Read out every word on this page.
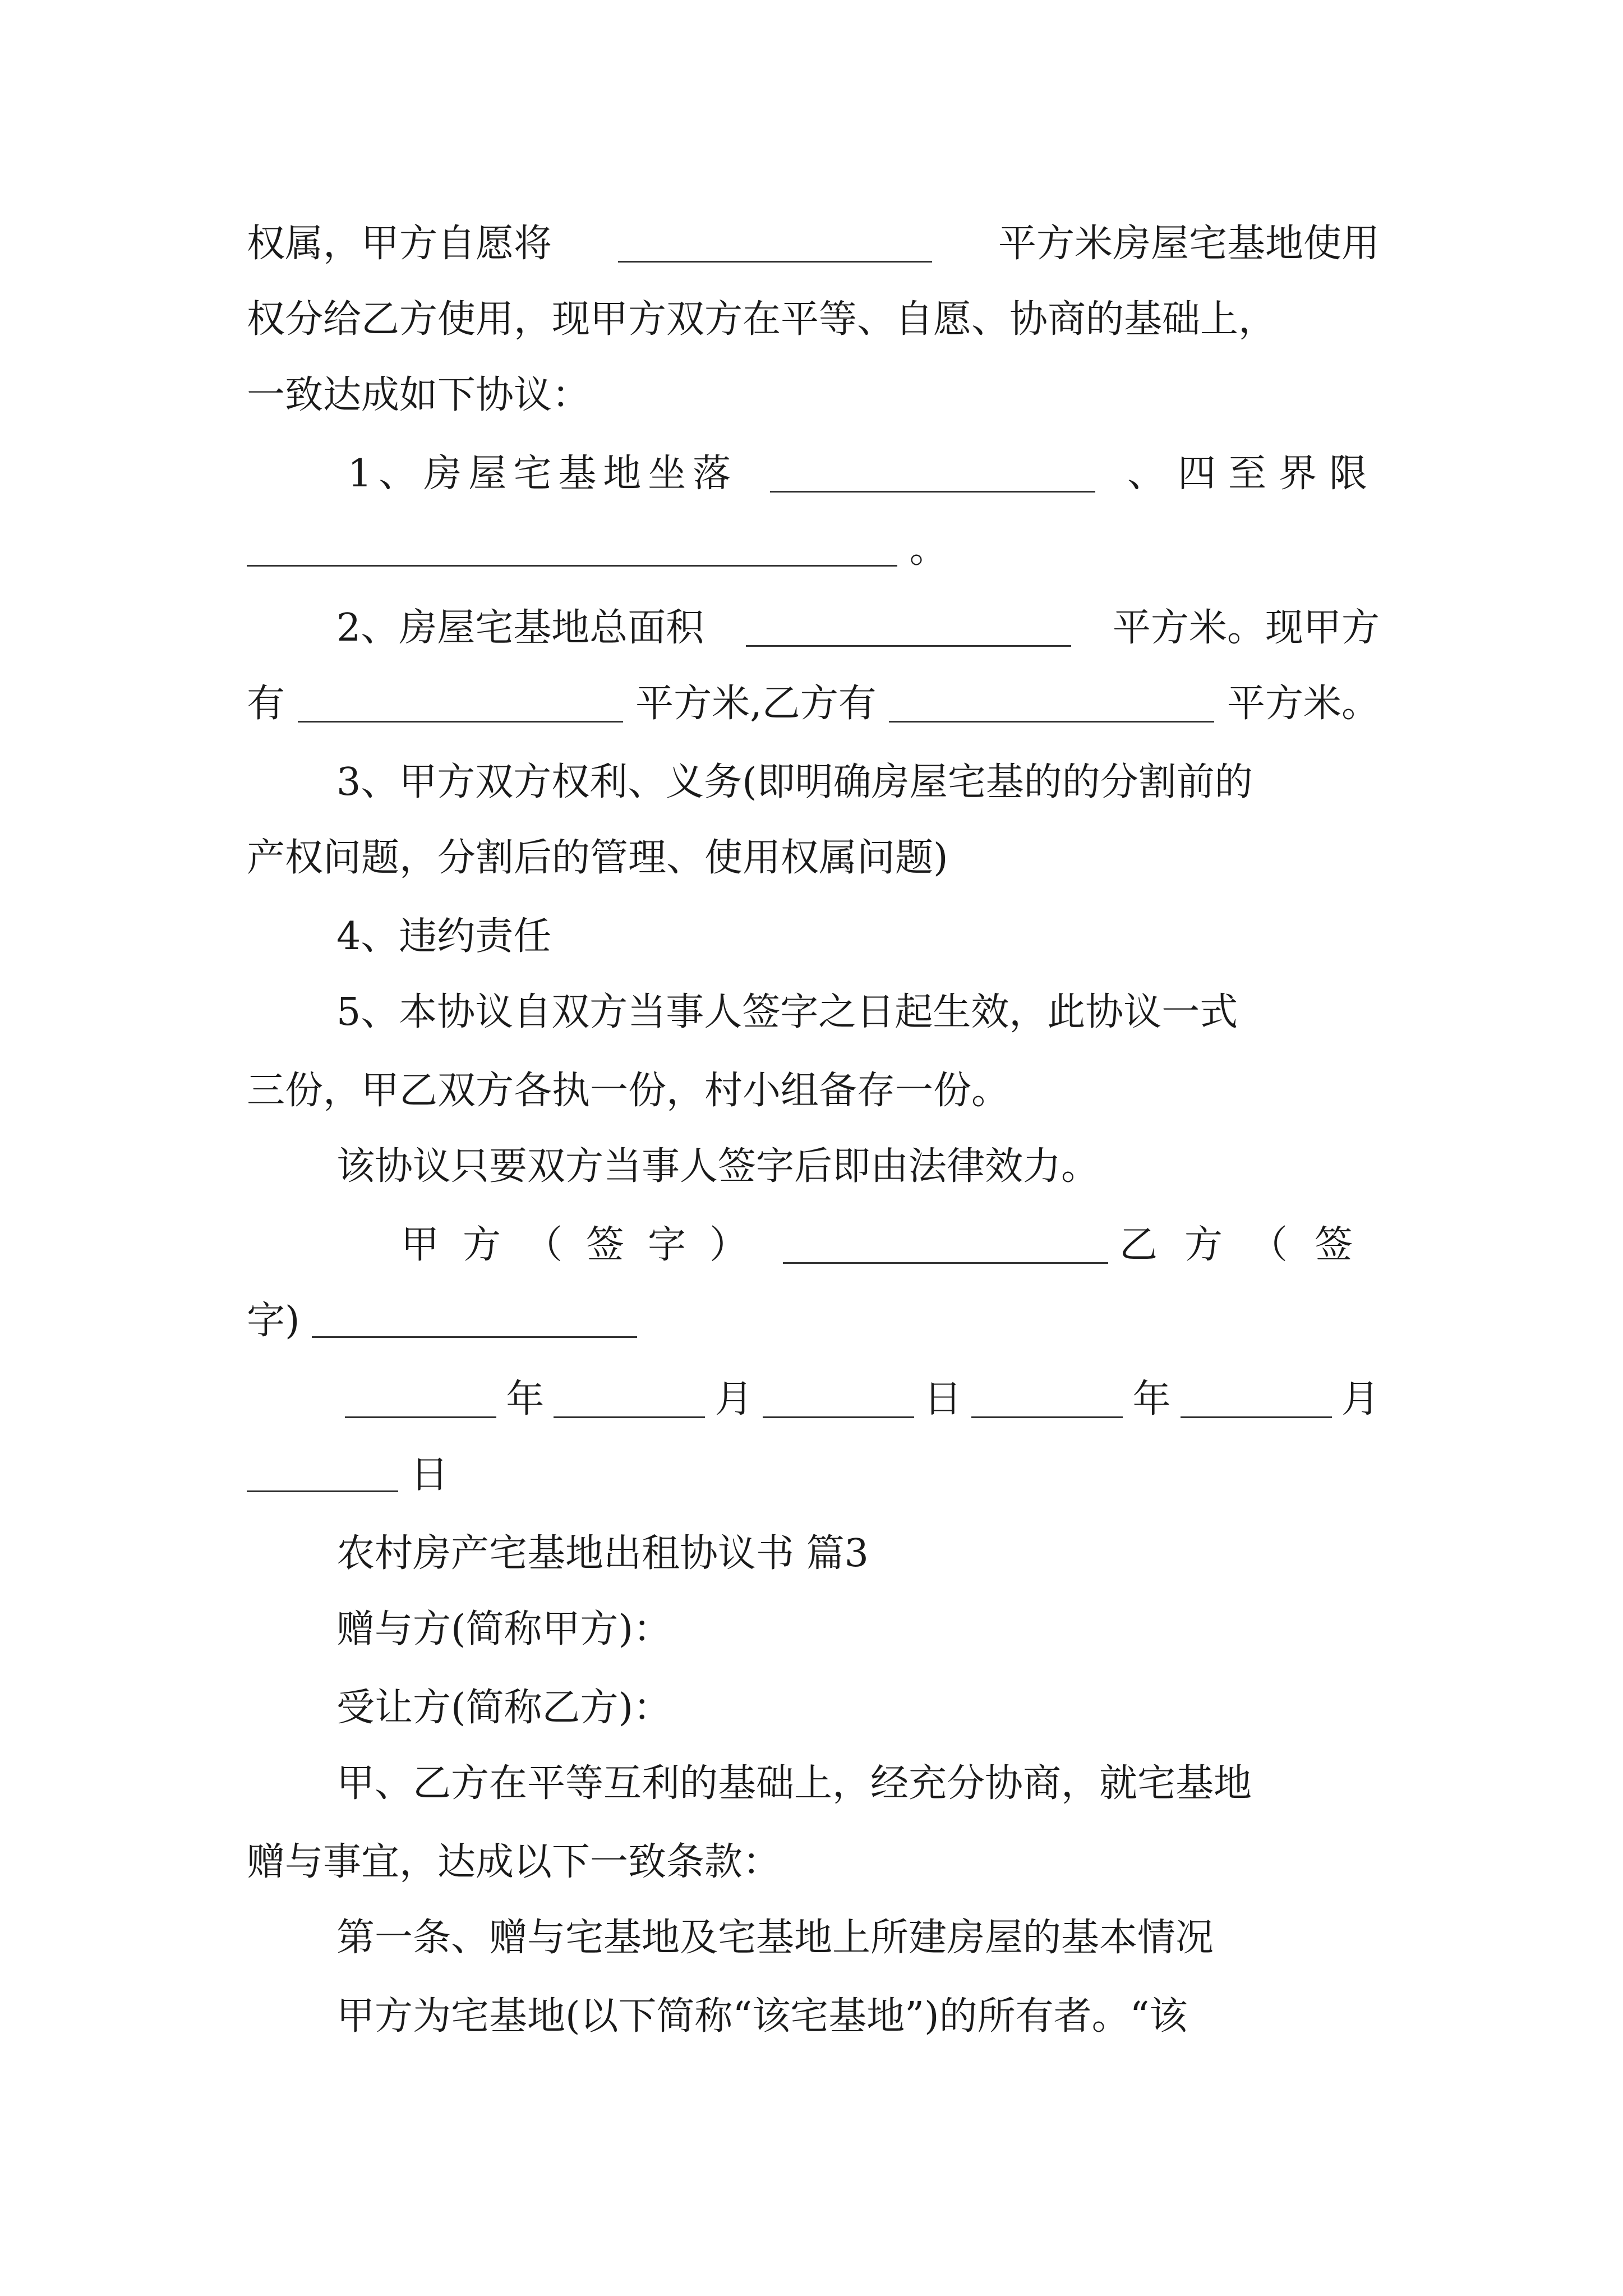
权属，甲方自愿将	平方米房屋宅基地使用
权分给乙方使用，现甲方双方在平等、自愿、协商的基础上，
一致达成如下协议：
1、房屋宅基地坐落	、四至界限
。
2、房屋宅基地总面积	平方米。现甲方
有	平方米,乙方有	平方米。
3、甲方双方权利、义务(即明确房屋宅基的的分割前的
产权问题，分割后的管理、使用权属问题)
4、违约责任
5、本协议自双方当事人签字之日起生效，此协议一式
三份，甲乙双方各执一份，村小组备存一份。
该协议只要双方当事人签字后即由法律效力。
甲方（签字）	乙方（签
字)
年	月	日	年	月
日
农村房产宅基地出租协议书 篇3
赠与方(简称甲方)：
受让方(简称乙方)：
甲、乙方在平等互利的基础上，经充分协商，就宅基地
赠与事宜，达成以下一致条款：
第一条、赠与宅基地及宅基地上所建房屋的基本情况
甲方为宅基地(以下简称“该宅基地”)的所有者。“该
